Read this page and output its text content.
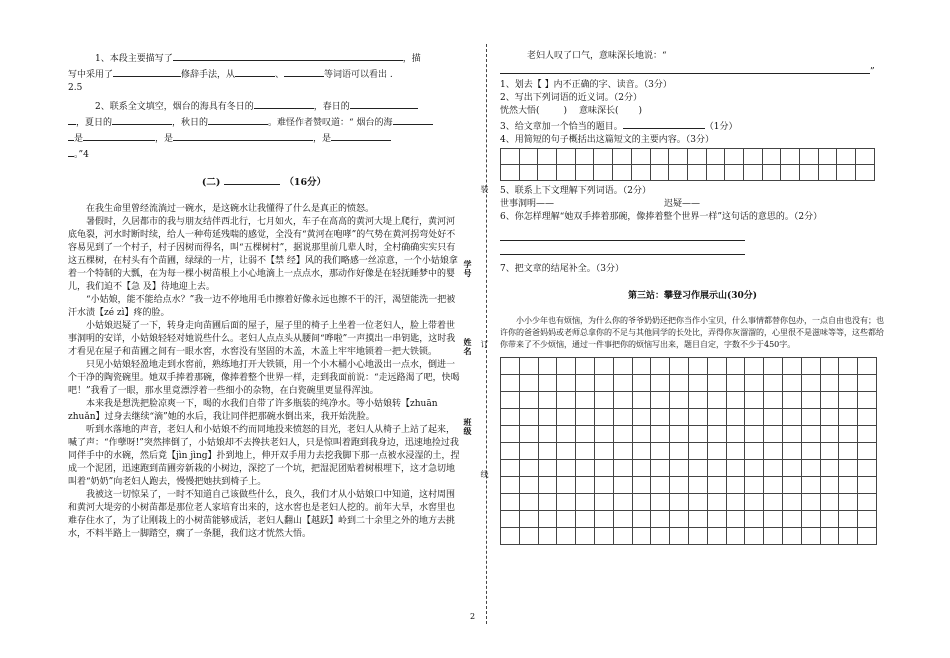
1、本段主要描写了	，描

写中采用了	修辞手法，从	、	等词语可以看出 .

2.5

2、联系全文填空，烟台的海具有冬日的	，春日的

，夏日的	，秋日的	。难怪作者赞叹道：“ 烟台的海

是	，是	，是

。”4

(二)	（16分）

在我生命里曾经流淌过一碗水，是这碗水让我懂得了什么是真正的愤怒。

暑假时，久居都市的我与朋友结伴西北行，七月如火，车子在高高的黄河大堤上爬行，黄河河底龟裂，河水时断时续，给人一种苟延残喘的感觉，全没有“黄河在咆哮”的气势在黄河拐弯处好不容易见到了一个村子，村子因树而得名，叫“五棵树村”，据说那里前几辈人时，全村确确实实只有这五棵树，在村头有个苗圃，绿绿的一片，让弱不【禁 经】风的我们略感一丝凉意，一个小姑娘拿着一个特制的大瓢，在为每一棵小树苗根上小心地滴上一点点水，那动作好像是在轻抚睡梦中的婴儿，我们迫不【急 及】待地迎上去。

“小姑娘，能不能给点水？”我一边不停地用毛巾擦着好像永远也擦不干的汗，渴望能洗一把被汗水渍【zé zì】疼的脸。

小姑娘迟疑了一下，转身走向苗圃后面的屋子，屋子里的椅子上坐着一位老妇人，脸上带着世事洞明的安详，小姑娘轻轻对她说些什么。老妇人点点头从腰间“哗啦”一声摸出一串钥匙，这时我才看见在屋子和苗圃之间有一眼水窖，水窖没有坚固的木盖，木盖上牢牢地锁着一把大铁锁。

只见小姑娘轻盈地走到水窖前，熟练地打开大铁锁，用一个小木桶小心地汲出一点水，倒进一个干净的陶瓷碗里。她双手捧着那碗，像捧着整个世界一样，走到我面前说：“走远路渴了吧，快喝吧！”我看了一眼，那水里竟漂浮着一些细小的杂物，在白瓷碗里更显得浑浊。

本来我是想洗把脸凉爽一下，喝的水我们自带了许多瓶装的纯净水。等小姑娘转【zhuān zhuǎn】过身去继续“滴”她的水后，我让同伴把那碗水倒出来，我开始洗脸。

听到水落地的声音，老妇人和小姑娘不约而同地投来愤怒的目光，老妇人从椅子上站了起来，喊了声：“作孽呀!”突然摔倒了，小姑娘却不去搀扶老妇人，只是惊叫着跑到我身边，迅速地捡过我同伴手中的水碗，然后竟【jìn jìng】扑到地上，伸开双手用力去挖我脚下那一点被水浸湿的土，捏成一个泥团，迅速跑到苗圃旁新栽的小树边，深挖了一个坑，把湿泥团贴着树根埋下，这才急切地叫着“奶奶”向老妇人跑去，慢慢把她扶到椅子上。

我被这一切惊呆了，一时不知道自己该做些什么，良久，我们才从小姑娘口中知道，这村周围和黄河大堤旁的小树苗都是那位老人家培育出来的，这水窖也是老妇人挖的。前年大旱，水窖里也难存住水了，为了让刚栽上的小树苗能够成活，老妇人翻山【越跃】岭到二十余里之外的地方去挑水，不料半路上一脚踏空，瘸了一条腿，我们这才恍然大悟。

学号
姓名
班级
装
订
线
2

老妇人叹了口气，意味深长地说：“

”

1、划去【 】内不正确的字、读音。（3分）

2、写出下列词语的近义词。（2分）

恍然大悟(	) 意味深长( )

3、给文章加一个恰当的题目。	（1分）

4、用简短的句子概括出这篇短文的主要内容。（3分）

5、联系上下文理解下列词语。（2分）

世事洞明——	迟疑——

6、你怎样理解“她双手捧着那碗，像捧着整个世界一样”这句话的意思的。（2分）

7、把文章的结尾补全。（3分）

第三站：攀登习作展示山(30分)

小小少年也有烦恼，为什么你的爷爷奶奶还把你当作小宝贝，什么事情都替你包办，一点自由也没有；也许你的爸爸妈妈或老师总拿你的不足与其他同学的长处比，弄得你灰溜溜的，心里很不是滋味等等，这些都给你带来了不少烦恼，通过一件事把你的烦恼写出来，题目自定，字数不少于450字。
